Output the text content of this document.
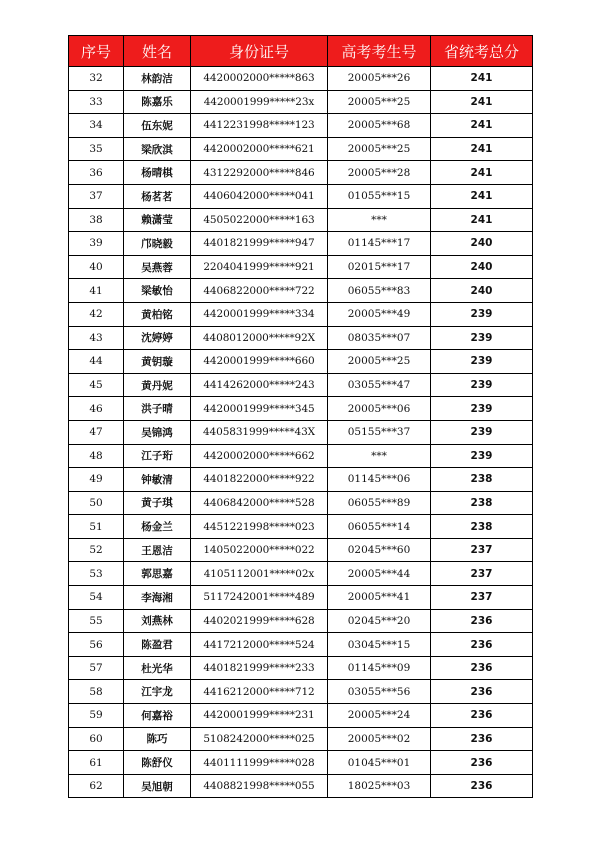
序号	姓名	身份证号	高考考生号	省统考总分
32	林韵洁	4420002000*****863	20005***26	241
33	陈嘉乐	4420001999*****23x	20005***25	241
34	伍东妮	4412231998*****123	20005***68	241
35	梁欣淇	4420002000*****621	20005***25	241
36	杨晴棋	4312292000*****846	20005***28	241
37	杨茗茗	4406042000*****041	01055***15	241
38	赖潇莹	4505022000*****163	***	241
39	邝晓毅	4401821999*****947	01145***17	240
40	吴燕蓉	2204041999*****921	02015***17	240
41	梁敏怡	4406822000*****722	06055***83	240
42	黄柏铭	4420001999*****334	20005***49	239
43	沈婷婷	4408012000*****92X	08035***07	239
44	黄钥璇	4420001999*****660	20005***25	239
45	黄丹妮	4414262000*****243	03055***47	239
46	洪子晴	4420001999*****345	20005***06	239
47	吴锦鸿	4405831999*****43X	05155***37	239
48	江子珩	4420002000*****662	***	239
49	钟敏清	4401822000*****922	01145***06	238
50	黄子琪	4406842000*****528	06055***89	238
51	杨金兰	4451221998*****023	06055***14	238
52	王恩洁	1405022000*****022	02045***60	237
53	郭思嘉	4105112001*****02x	20005***44	237
54	李海湘	5117242001*****489	20005***41	237
55	刘燕林	4402021999*****628	02045***20	236
56	陈盈君	4417212000*****524	03045***15	236
57	杜光华	4401821999*****233	01145***09	236
58	江宇龙	4416212000*****712	03055***56	236
59	何嘉裕	4420001999*****231	20005***24	236
60	陈巧	5108242000*****025	20005***02	236
61	陈舒仪	4401111999*****028	01045***01	236
62	吴旭朝	4408821998*****055	18025***03	236
